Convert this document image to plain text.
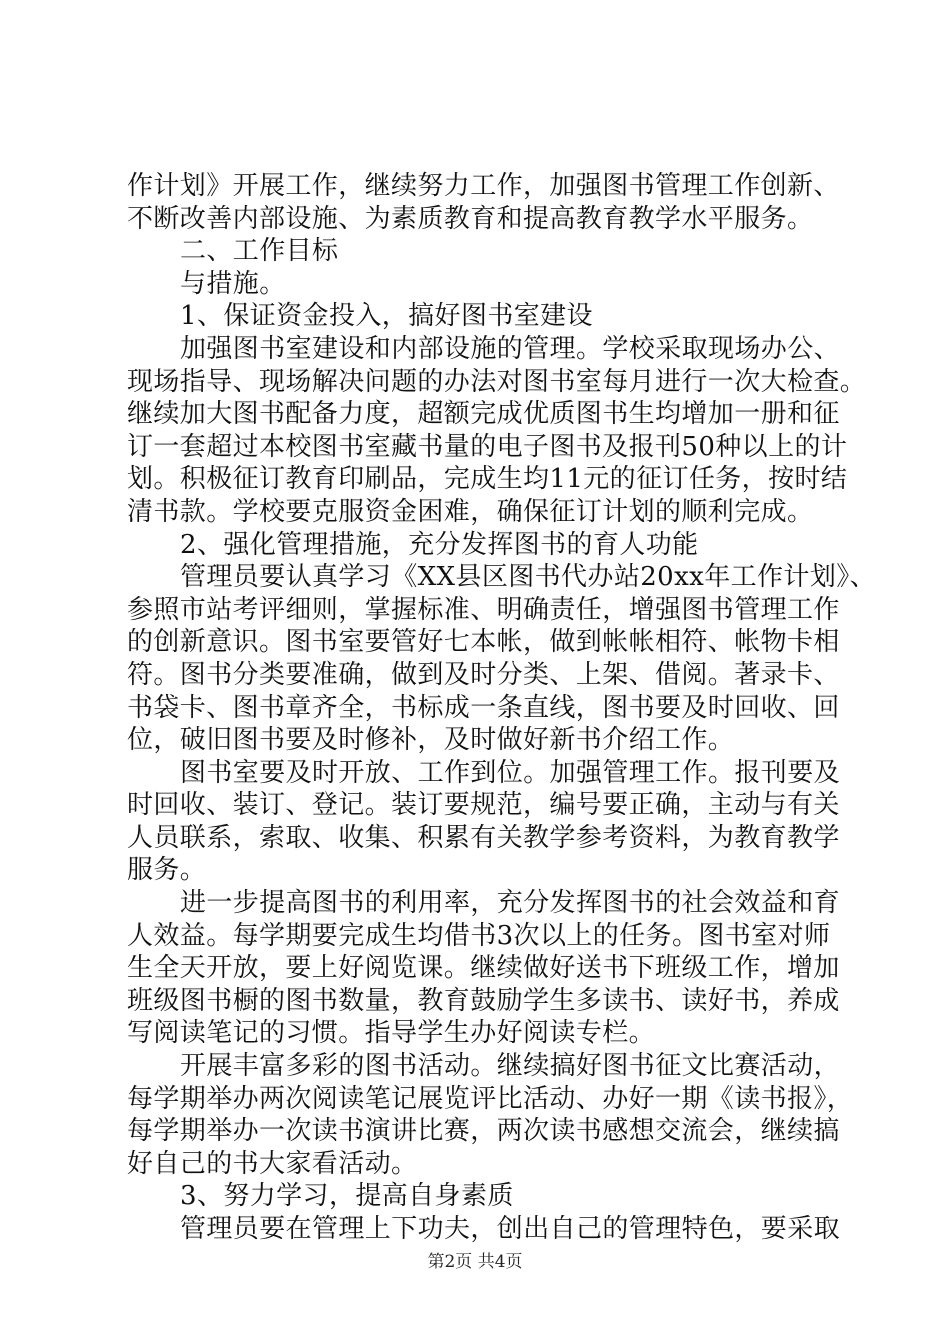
作计划》开展工作，继续努力工作，加强图书管理工作创新、
不断改善内部设施、为素质教育和提高教育教学水平服务。
二、工作目标
与措施。
1、保证资金投入，搞好图书室建设
加强图书室建设和内部设施的管理。学校采取现场办公、
现场指导、现场解决问题的办法对图书室每月进行一次大检查。
继续加大图书配备力度，超额完成优质图书生均增加一册和征
订一套超过本校图书室藏书量的电子图书及报刊50种以上的计
划。积极征订教育印刷品，完成生均11元的征订任务，按时结
清书款。学校要克服资金困难，确保征订计划的顺利完成。
2、强化管理措施，充分发挥图书的育人功能
管理员要认真学习《XX县区图书代办站20xx年工作计划》、
参照市站考评细则，掌握标准、明确责任，增强图书管理工作
的创新意识。图书室要管好七本帐，做到帐帐相符、帐物卡相
符。图书分类要准确，做到及时分类、上架、借阅。著录卡、
书袋卡、图书章齐全，书标成一条直线，图书要及时回收、回
位，破旧图书要及时修补，及时做好新书介绍工作。
图书室要及时开放、工作到位。加强管理工作。报刊要及
时回收、装订、登记。装订要规范，编号要正确，主动与有关
人员联系，索取、收集、积累有关教学参考资料，为教育教学
服务。
进一步提高图书的利用率，充分发挥图书的社会效益和育
人效益。每学期要完成生均借书3次以上的任务。图书室对师
生全天开放，要上好阅览课。继续做好送书下班级工作，增加
班级图书橱的图书数量，教育鼓励学生多读书、读好书，养成
写阅读笔记的习惯。指导学生办好阅读专栏。
开展丰富多彩的图书活动。继续搞好图书征文比赛活动，
每学期举办两次阅读笔记展览评比活动、办好一期《读书报》，
每学期举办一次读书演讲比赛，两次读书感想交流会，继续搞
好自己的书大家看活动。
3、努力学习，提高自身素质
管理员要在管理上下功夫，创出自己的管理特色，要采取
第2页 共4页
